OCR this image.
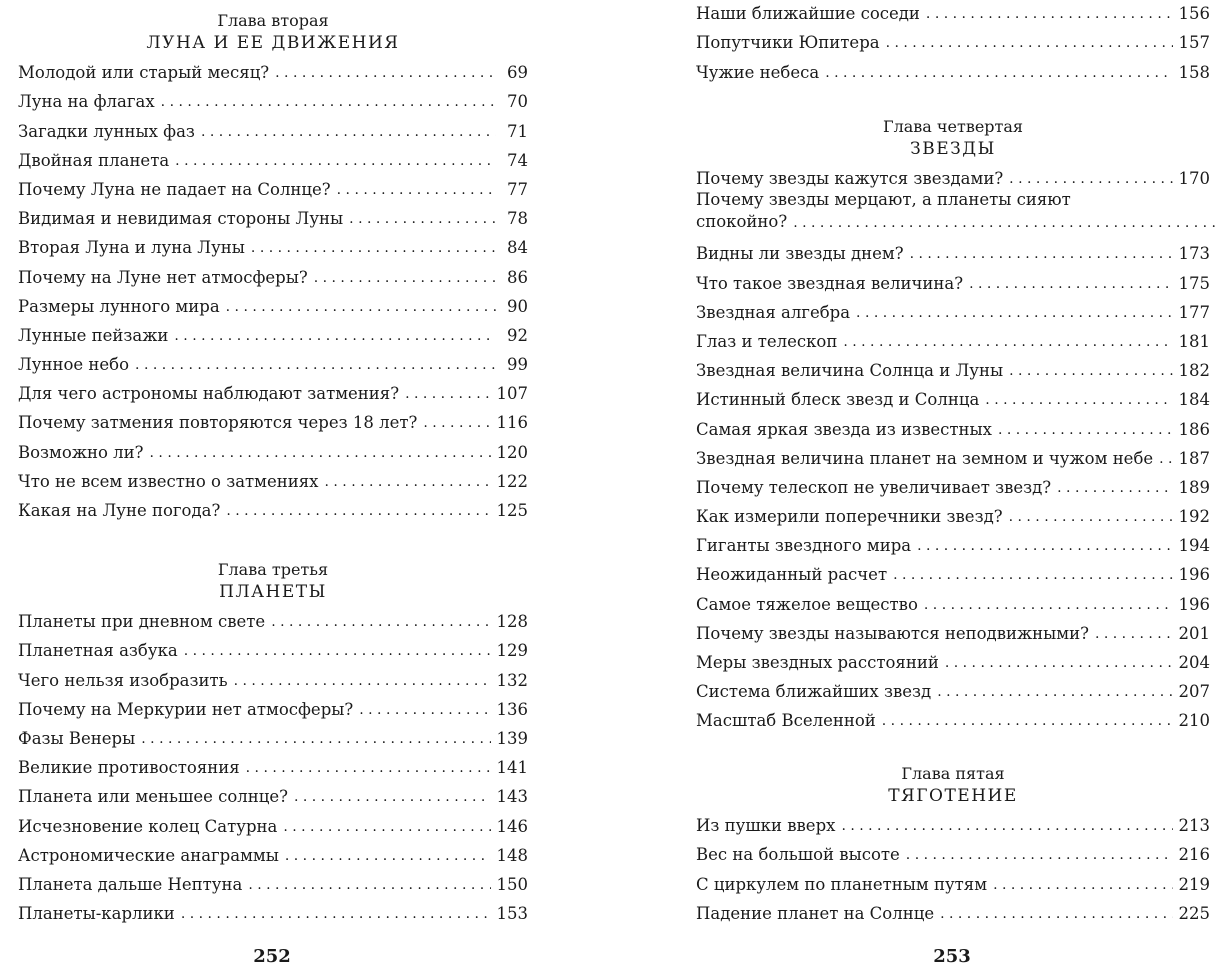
Глава вторая
ЛУНА И ЕЕ ДВИЖЕНИЯ
Молодой или старый месяц? . . .	69
Луна на флагах . . .	70
Загадки лунных фаз . . .	71
Двойная планета . . .	74
Почему Луна не падает на Солнце? . . .	77
Видимая и невидимая стороны Луны . . .	78
Вторая Луна и луна Луны . . .	84
Почему на Луне нет атмосферы? . . .	86
Размеры лунного мира . . .	90
Лунные пейзажи . . .	92
Лунное небо . . .	99
Для чего астрономы наблюдают затмения? . . .	107
Почему затмения повторяются через 18 лет? . . .	116
Возможно ли? . . .	120
Что не всем известно о затмениях . . .	122
Какая на Луне погода? . . .	125
Глава третья
ПЛАНЕТЫ
Планеты при дневном свете . . .	128
Планетная азбука . . .	129
Чего нельзя изобразить . . .	132
Почему на Меркурии нет атмосферы? . . .	136
Фазы Венеры . . .	139
Великие противостояния . . .	141
Планета или меньшее солнце? . . .	143
Исчезновение колец Сатурна . . .	146
Астрономические анаграммы . . .	148
Планета дальше Нептуна . . .	150
Планеты-карлики . . .	153
252
Наши ближайшие соседи . . .	156
Попутчики Юпитера . . .	157
Чужие небеса . . .	158
Глава четвертая
ЗВЕЗДЫ
Почему звезды кажутся звездами? . . .	170
Почему звезды мерцают, а планеты сияют
спокойно?
. . .
Видны ли звезды днем? . . .	173
Что такое звездная величина? . . .	175
Звездная алгебра . . .	177
Глаз и телескоп . . .	181
Звездная величина Солнца и Луны . . .	182
Истинный блеск звезд и Солнца . . .	184
Самая яркая звезда из известных . . .	186
Звездная величина планет на земном и чужом небе . . .	187
Почему телескоп не увеличивает звезд? . . .	189
Как измерили поперечники звезд? . . .	192
Гиганты звездного мира . . .	194
Неожиданный расчет . . .	196
Самое тяжелое вещество . . .	196
Почему звезды называются неподвижными? . . .	201
Меры звездных расстояний . . .	204
Система ближайших звезд . . .	207
Масштаб Вселенной . . .	210
Глава пятая
ТЯГОТЕНИЕ
Из пушки вверх . . .	213
Вес на большой высоте . . .	216
С циркулем по планетным путям . . .	219
Падение планет на Солнце . . .	225
253
